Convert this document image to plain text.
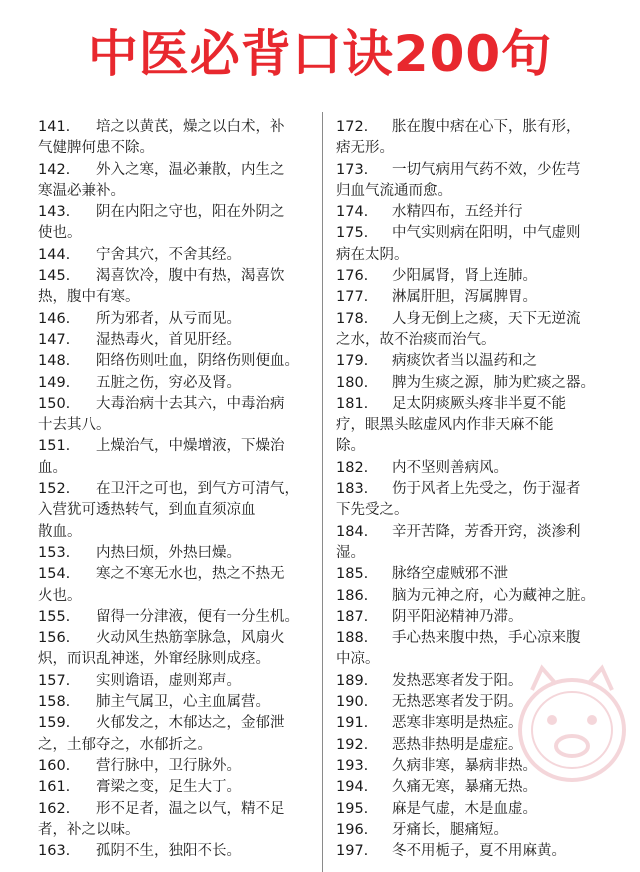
中医必背口诀200句
141.	培之以黄芪，燥之以白术，补
气健脾何患不除。
142.	外入之寒，温必兼散，内生之
寒温必兼补。
143.	阴在内阳之守也，阳在外阴之
使也。
144.	宁舍其穴，不舍其经。
145.	渴喜饮冷，腹中有热，渴喜饮
热，腹中有寒。
146.	所为邪者，从亏而见。
147.	湿热毒火，首见肝经。
148.	阳络伤则吐血，阴络伤则便血。
149.	五脏之伤，穷必及肾。
150.	大毒治病十去其六，中毒治病
十去其八。
151.	上燥治气，中燥增液，下燥治
血。
152.	在卫汗之可也，到气方可清气，
入营犹可透热转气，到血直须凉血
散血。
153.	内热曰烦，外热曰燥。
154.	寒之不寒无水也，热之不热无
火也。
155.	留得一分津液，便有一分生机。
156.	火动风生热筋挛脉急，风扇火
炽，而识乱神迷，外窜经脉则成痉。
157.	实则谵语，虚则郑声。
158.	肺主气属卫，心主血属营。
159.	火郁发之，木郁达之，金郁泄
之，土郁夺之，水郁折之。
160.	营行脉中，卫行脉外。
161.	膏梁之变，足生大丁。
162.	形不足者，温之以气，精不足
者，补之以味。
163.	孤阴不生，独阳不长。
172.	胀在腹中痞在心下，胀有形，
痞无形。
173.	一切气病用气药不效，少佐芎
归血气流通而愈。
174.	水精四布，五经并行
175.	中气实则病在阳明，中气虚则
病在太阴。
176.	少阳属肾，肾上连肺。
177.	淋属肝胆，泻属脾胃。
178.	人身无倒上之痰，天下无逆流
之水，故不治痰而治气。
179.	病痰饮者当以温药和之
180.	脾为生痰之源，肺为贮痰之器。
181.	足太阴痰厥头疼非半夏不能
疗，眼黑头眩虚风内作非天麻不能
除。
182.	内不坚则善病风。
183.	伤于风者上先受之，伤于湿者
下先受之。
184.	辛开苦降，芳香开窍，淡渗利
湿。
185.	脉络空虚贼邪不泄
186.	脑为元神之府，心为藏神之脏。
187.	阴平阳泌精神乃滞。
188.	手心热来腹中热，手心凉来腹
中凉。
189.	发热恶寒者发于阳。
190.	无热恶寒者发于阴。
191.	恶寒非寒明是热症。
192.	恶热非热明是虚症。
193.	久病非寒，暴病非热。
194.	久痛无寒，暴痛无热。
195.	麻是气虚，木是血虚。
196.	牙痛长，腿痛短。
197.	冬不用栀子，夏不用麻黄。
